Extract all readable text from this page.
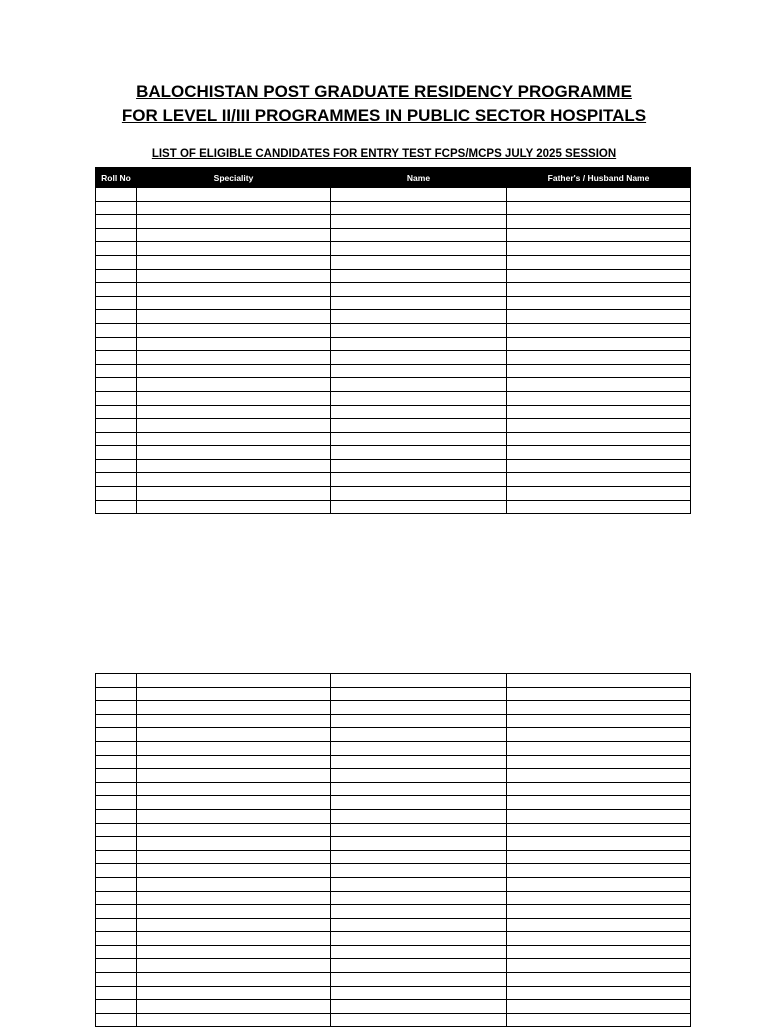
BALOCHISTAN POST GRADUATE RESIDENCY PROGRAMME
FOR LEVEL II/III PROGRAMMES IN PUBLIC SECTOR HOSPITALS
LIST OF ELIGIBLE CANDIDATES FOR ENTRY TEST FCPS/MCPS JULY 2025 SESSION
Roll No	Speciality	Name	Father's / Husband Name
